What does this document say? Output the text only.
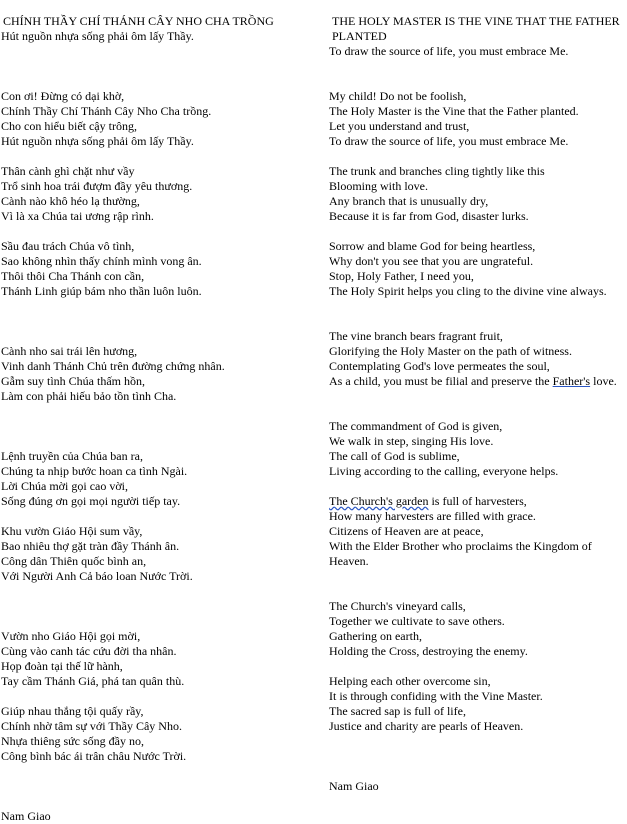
CHÍNH THẦY CHÍ THÁNH CÂY NHO CHA TRỒNG
Hút nguồn nhựa sống phải ôm lấy Thầy.
Con ơi! Đừng có dại khờ,
Chính Thầy Chí Thánh Cây Nho Cha trồng.
Cho con hiểu biết cậy trông,
Hút nguồn nhựa sống phải ôm lấy Thầy.
Thân cành ghì chặt như vầy
Trổ sinh hoa trái đượm đầy yêu thương.
Cành nào khô héo lạ thường,
Vì là xa Chúa tai ương rập rình.
Sầu đau trách Chúa vô tình,
Sao không nhìn thấy chính mình vong ân.
Thôi thôi Cha Thánh con cần,
Thánh Linh giúp bám nho thần luôn luôn.
Cành nho sai trái lên hương,
Vinh danh Thánh Chủ trên đường chứng nhân.
Gẫm suy tình Chúa thấm hồn,
Làm con phải hiếu bảo tồn tình Cha.
Lệnh truyền của Chúa ban ra,
Chúng ta nhịp bước hoan ca tình Ngài.
Lời Chúa mời gọi cao vời,
Sống đúng ơn gọi mọi người tiếp tay.
Khu vườn Giáo Hội sum vầy,
Bao nhiêu thợ gặt tràn đầy Thánh ân.
Công dân Thiên quốc bình an,
Với Người Anh Cả báo loan Nước Trời.
Vườn nho Giáo Hội gọi mời,
Cùng vào canh tác cứu đời tha nhân.
Họp đoàn tại thế lữ hành,
Tay cầm Thánh Giá, phá tan quân thù.
Giúp nhau thắng tội quấy rầy,
Chính nhờ tâm sự với Thầy Cây Nho.
Nhựa thiêng sức sống đầy no,
Công bình bác ái trân châu Nước Trời.
Nam Giao
THE HOLY MASTER IS THE VINE THAT THE FATHER PLANTED
To draw the source of life, you must embrace Me.
My child! Do not be foolish,
The Holy Master is the Vine that the Father planted.
Let you understand and trust,
To draw the source of life, you must embrace Me.
The trunk and branches cling tightly like this
Blooming with love.
Any branch that is unusually dry,
Because it is far from God, disaster lurks.
Sorrow and blame God for being heartless,
Why don't you see that you are ungrateful.
Stop, Holy Father, I need you,
The Holy Spirit helps you cling to the divine vine always.
The vine branch bears fragrant fruit,
Glorifying the Holy Master on the path of witness.
Contemplating God's love permeates the soul,
As a child, you must be filial and preserve the Father's love.
The commandment of God is given,
We walk in step, singing His love.
The call of God is sublime,
Living according to the calling, everyone helps.
The Church's garden is full of harvesters,
How many harvesters are filled with grace.
Citizens of Heaven are at peace,
With the Elder Brother who proclaims the Kingdom of Heaven.
The Church's vineyard calls,
Together we cultivate to save others.
Gathering on earth,
Holding the Cross, destroying the enemy.
Helping each other overcome sin,
It is through confiding with the Vine Master.
The sacred sap is full of life,
Justice and charity are pearls of Heaven.
Nam Giao
